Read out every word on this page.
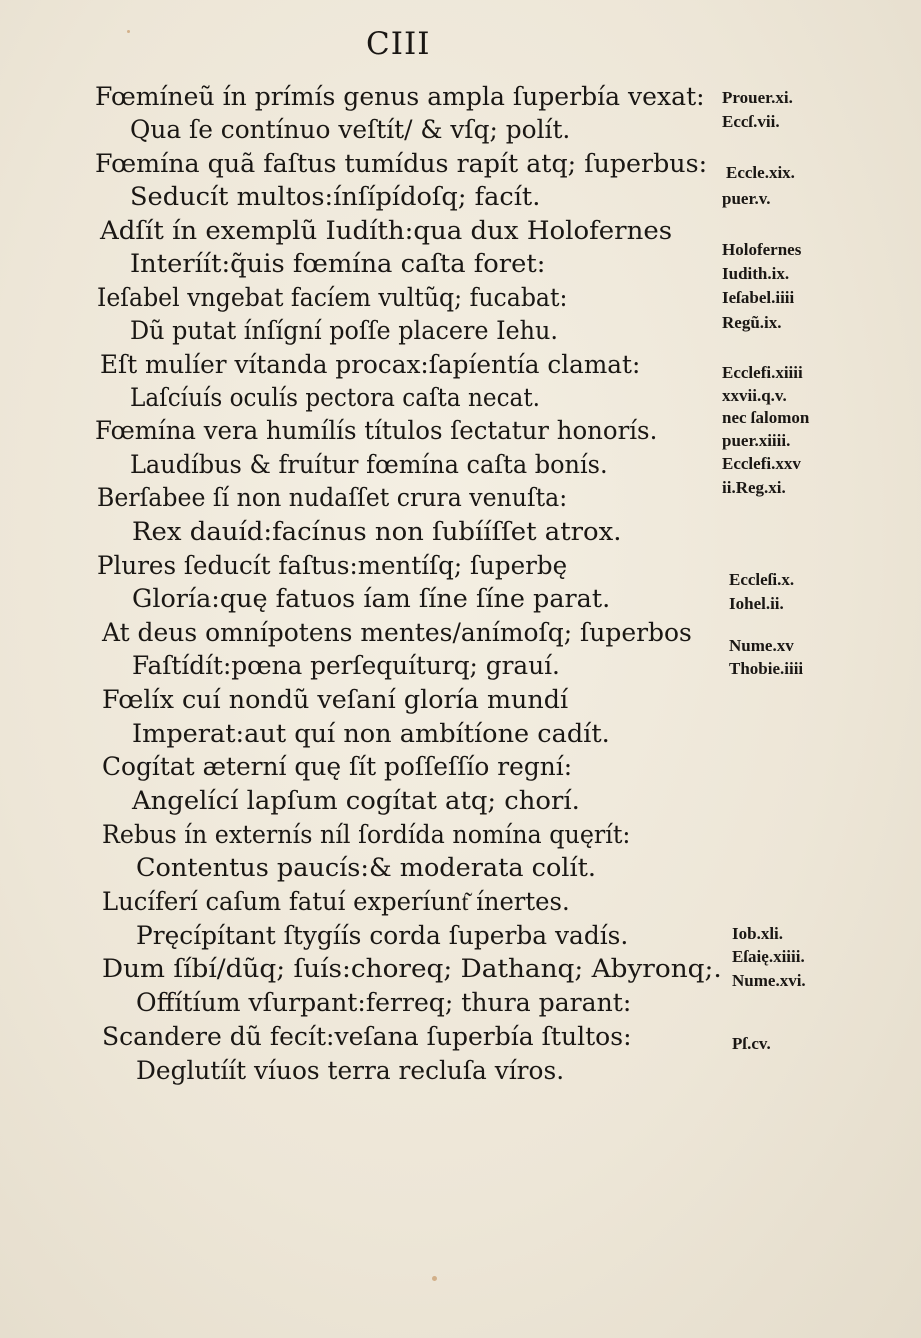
CIII
Fœmíneũ ín prímís genus ampla ſuperbía vexat:
Qua ſe contínuo veſtít/ & vſq; polít.
Fœmína quã faſtus tumídus rapít atq; ſuperbus:
Seducít multos:ínſípídoſq; facít.
Adſít ín exemplũ Iudíth:qua dux Holofernes
Interíít:q̃uis fœmína caſta foret:
Ieſabel vngebat facíem vultũq; fucabat:
Dũ putat ínſígní poſſe placere Iehu.
Eſt mulíer vítanda procax:ſapíentía clamat:
Laſcíuís oculís pectora caſta necat.
Fœmína vera humílís títulos ſectatur honorís.
Laudíbus & fruítur fœmína caſta bonís.
Berſabee ſí non nudaſſet crura venuſta:
Rex dauíd:facínus non ſubííſſet atrox.
Plures ſeducít faſtus:mentíſq; ſuperbę
Gloría:quę fatuos íam ſíne ſíne parat.
At deus omnípotens mentes/anímoſq; ſuperbos
Faſtídít:pœna perſequíturq; grauí.
Fœlíx cuí nondũ veſaní gloría mundí
Imperat:aut quí non ambítíone cadít.
Cogítat æterní quę ſít poſſeſſío regní:
Angelící lapſum cogítat atq; chorí.
Rebus ín externís níl ſordída nomína quęrít:
Contentus paucís:& moderata colít.
Lucíferí caſum fatuí experíunt͂ ínertes.
Pręcípítant ſtygíís corda ſuperba vadís.
Dum ſíbí/dũq; ſuís:choreq; Dathanq; Abyronq;.
Offítíum vſurpant:ferreq; thura parant:
Scandere dũ fecít:veſana ſuperbía ſtultos:
Deglutíít víuos terra recluſa víros.
Prouer.xi.
Eccſ.vii.
Eccle.xix.
puer.v.
Holofernes
Iudith.ix.
Ieſabel.iiii
Regũ.ix.
Ecclefi.xiiii
xxvii.q.v.
nec ſalomon
puer.xiiii.
Ecclefi.xxv
ii.Reg.xi.
Eccleſi.x.
Iohel.ii.
Nume.xv
Thobie.iiii
Iob.xli.
Eſaię.xiiii.
Nume.xvi.
Pſ.cv.
